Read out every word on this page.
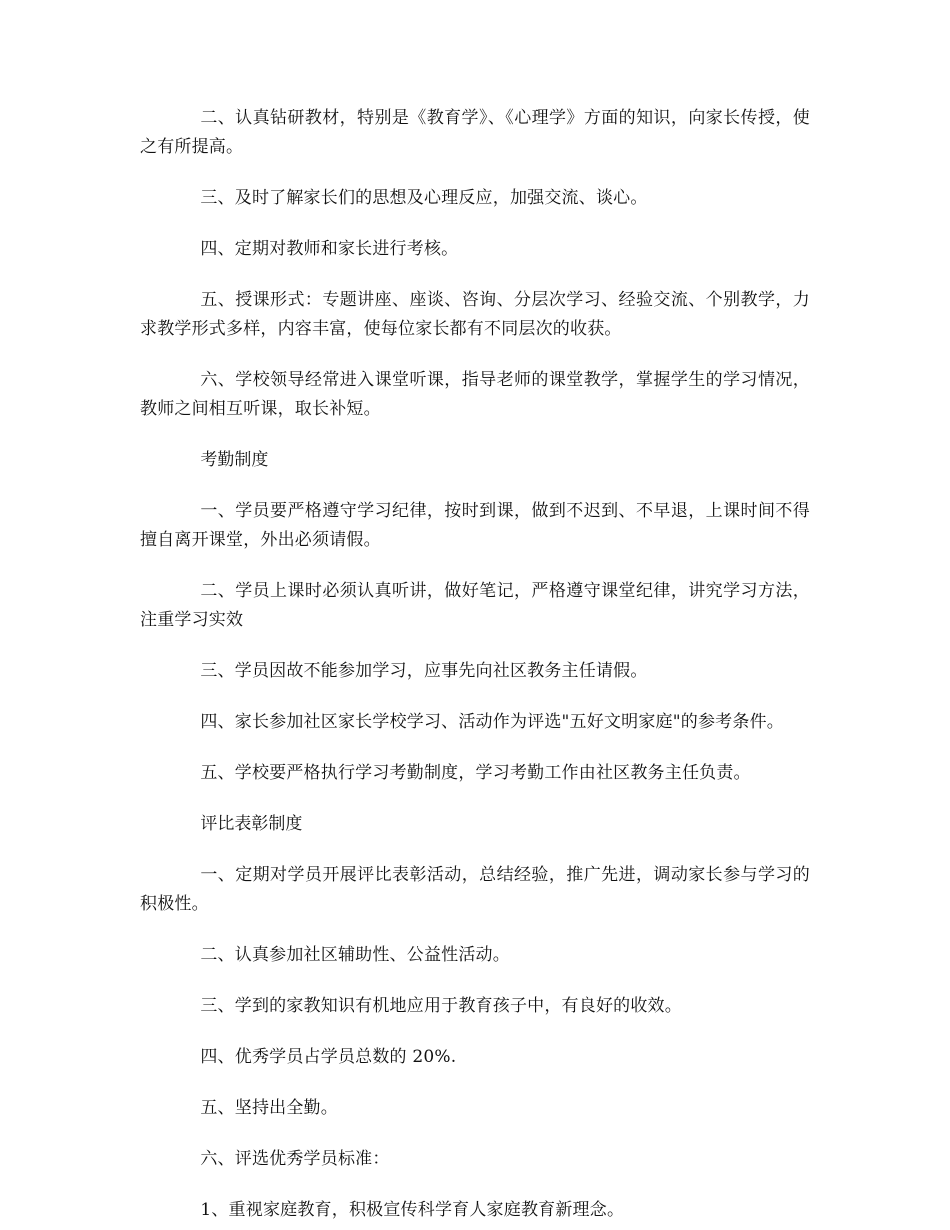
二、认真钻研教材，特别是《教育学》、《心理学》方面的知识，向家长传授，使之有所提高。

三、及时了解家长们的思想及心理反应，加强交流、谈心。

四、定期对教师和家长进行考核。

五、授课形式：专题讲座、座谈、咨询、分层次学习、经验交流、个别教学，力求教学形式多样，内容丰富，使每位家长都有不同层次的收获。

六、学校领导经常进入课堂听课，指导老师的课堂教学，掌握学生的学习情况，教师之间相互听课，取长补短。

考勤制度

一、学员要严格遵守学习纪律，按时到课，做到不迟到、不早退，上课时间不得擅自离开课堂，外出必须请假。

二、学员上课时必须认真听讲，做好笔记，严格遵守课堂纪律，讲究学习方法，注重学习实效

三、学员因故不能参加学习，应事先向社区教务主任请假。

四、家长参加社区家长学校学习、活动作为评选"五好文明家庭"的参考条件。

五、学校要严格执行学习考勤制度，学习考勤工作由社区教务主任负责。

评比表彰制度

一、定期对学员开展评比表彰活动，总结经验，推广先进，调动家长参与学习的积极性。

二、认真参加社区辅助性、公益性活动。

三、学到的家教知识有机地应用于教育孩子中，有良好的收效。

四、优秀学员占学员总数的 20%.

五、坚持出全勤。

六、评选优秀学员标准：

1、重视家庭教育，积极宣传科学育人家庭教育新理念。
